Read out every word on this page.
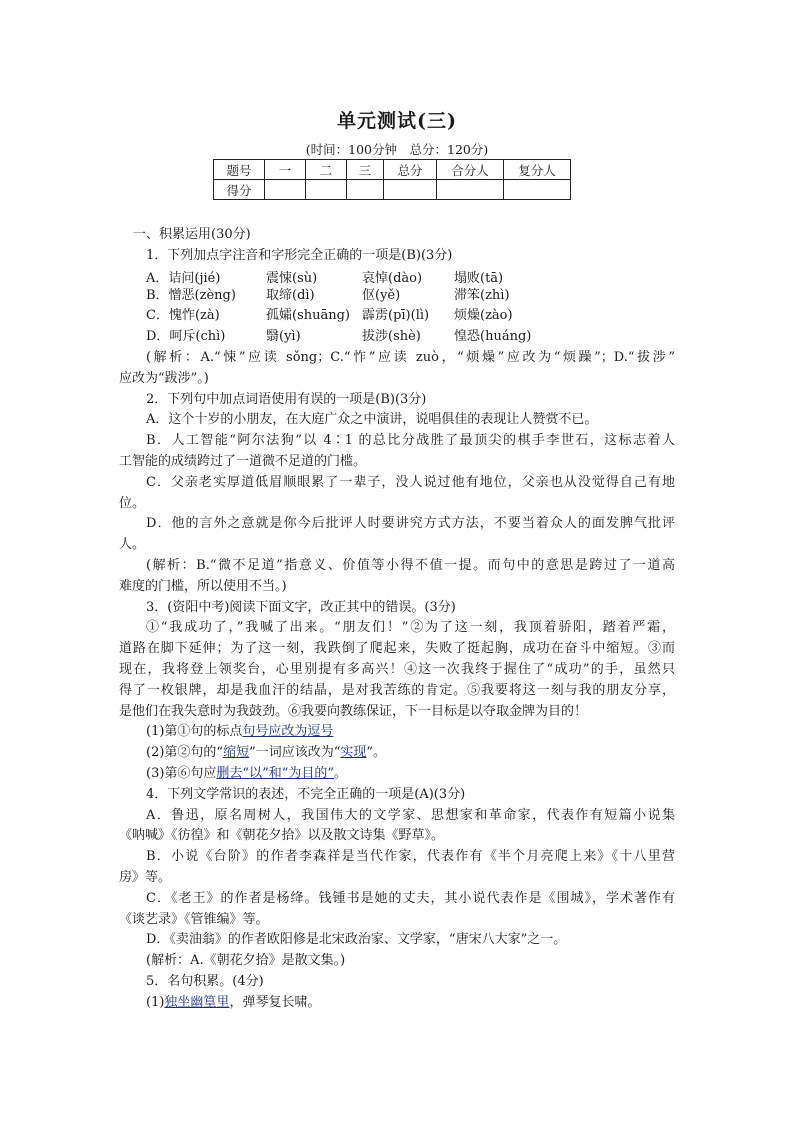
单元测试(三)
(时间：100分钟　总分：120分)
题号	一	二	三	总分	合分人	复分人
得分						
一、积累运用(30分)
1．下列加点字注音和字形完全正确的一项是(B)(3分)
A．诘问(jié)	震悚(sù)	哀悼(dào)	塌败(tā)
B．憎恶(zèng)	取缔(dì)	伛(yě)	滞笨(zhì)
C．愧怍(zà)	孤孀(shuāng) 霹雳(pī)(lì)	烦燥(zào)
D．呵斥(chì)	翳(yì)	拔涉(shè)	惶恐(huáng)
(解析：A.“悚”应读 sǒng；C.“怍”应读 zuò，“烦燥”应改为“烦躁”；D.“拔涉”
应改为“跋涉”。)
2．下列句中加点词语使用有误的一项是(B)(3分)
A．这个十岁的小朋友，在大庭广众之中演讲，说唱俱佳的表现让人赞赏不已。
B．人工智能“阿尔法狗”以 4∶1 的总比分战胜了最顶尖的棋手李世石，这标志着人
工智能的成绩跨过了一道微不足道的门槛。
C．父亲老实厚道低眉顺眼累了一辈子，没人说过他有地位，父亲也从没觉得自己有地
位。
D．他的言外之意就是你今后批评人时要讲究方式方法，不要当着众人的面发脾气批评
人。
(解析：B.“微不足道”指意义、价值等小得不值一提。而句中的意思是跨过了一道高
难度的门槛，所以使用不当。)
3．(资阳中考)阅读下面文字，改正其中的错误。(3分)
①“我成功了，”我喊了出来。“朋友们！”②为了这一刻，我顶着骄阳，踏着严霜，
道路在脚下延伸；为了这一刻，我跌倒了爬起来，失败了挺起胸，成功在奋斗中缩短。③而
现在，我将登上领奖台，心里别提有多高兴！④这一次我终于握住了“成功”的手，虽然只
得了一枚银牌，却是我血汗的结晶，是对我苦练的肯定。⑤我要将这一刻与我的朋友分享，
是他们在我失意时为我鼓劲。⑥我要向教练保证，下一目标是以夺取金牌为目的！
(1)第①句的标点句号应改为逗号
(2)第②句的“缩短”一词应该改为“实现”。
(3)第⑥句应删去“以”和“为目的”。
4．下列文学常识的表述，不完全正确的一项是(A)(3分)
A．鲁迅，原名周树人，我国伟大的文学家、思想家和革命家，代表作有短篇小说集
《呐喊》《彷徨》和《朝花夕拾》以及散文诗集《野草》。
B．小说《台阶》的作者李森祥是当代作家，代表作有《半个月亮爬上来》《十八里营
房》等。
C．《老王》的作者是杨绛。钱锺书是她的丈夫，其小说代表作是《围城》，学术著作有
《谈艺录》《管锥编》等。
D．《卖油翁》的作者欧阳修是北宋政治家、文学家，“唐宋八大家”之一。
(解析：A.《朝花夕拾》是散文集。)
5．名句积累。(4分)
(1)独坐幽篁里，弹琴复长啸。
